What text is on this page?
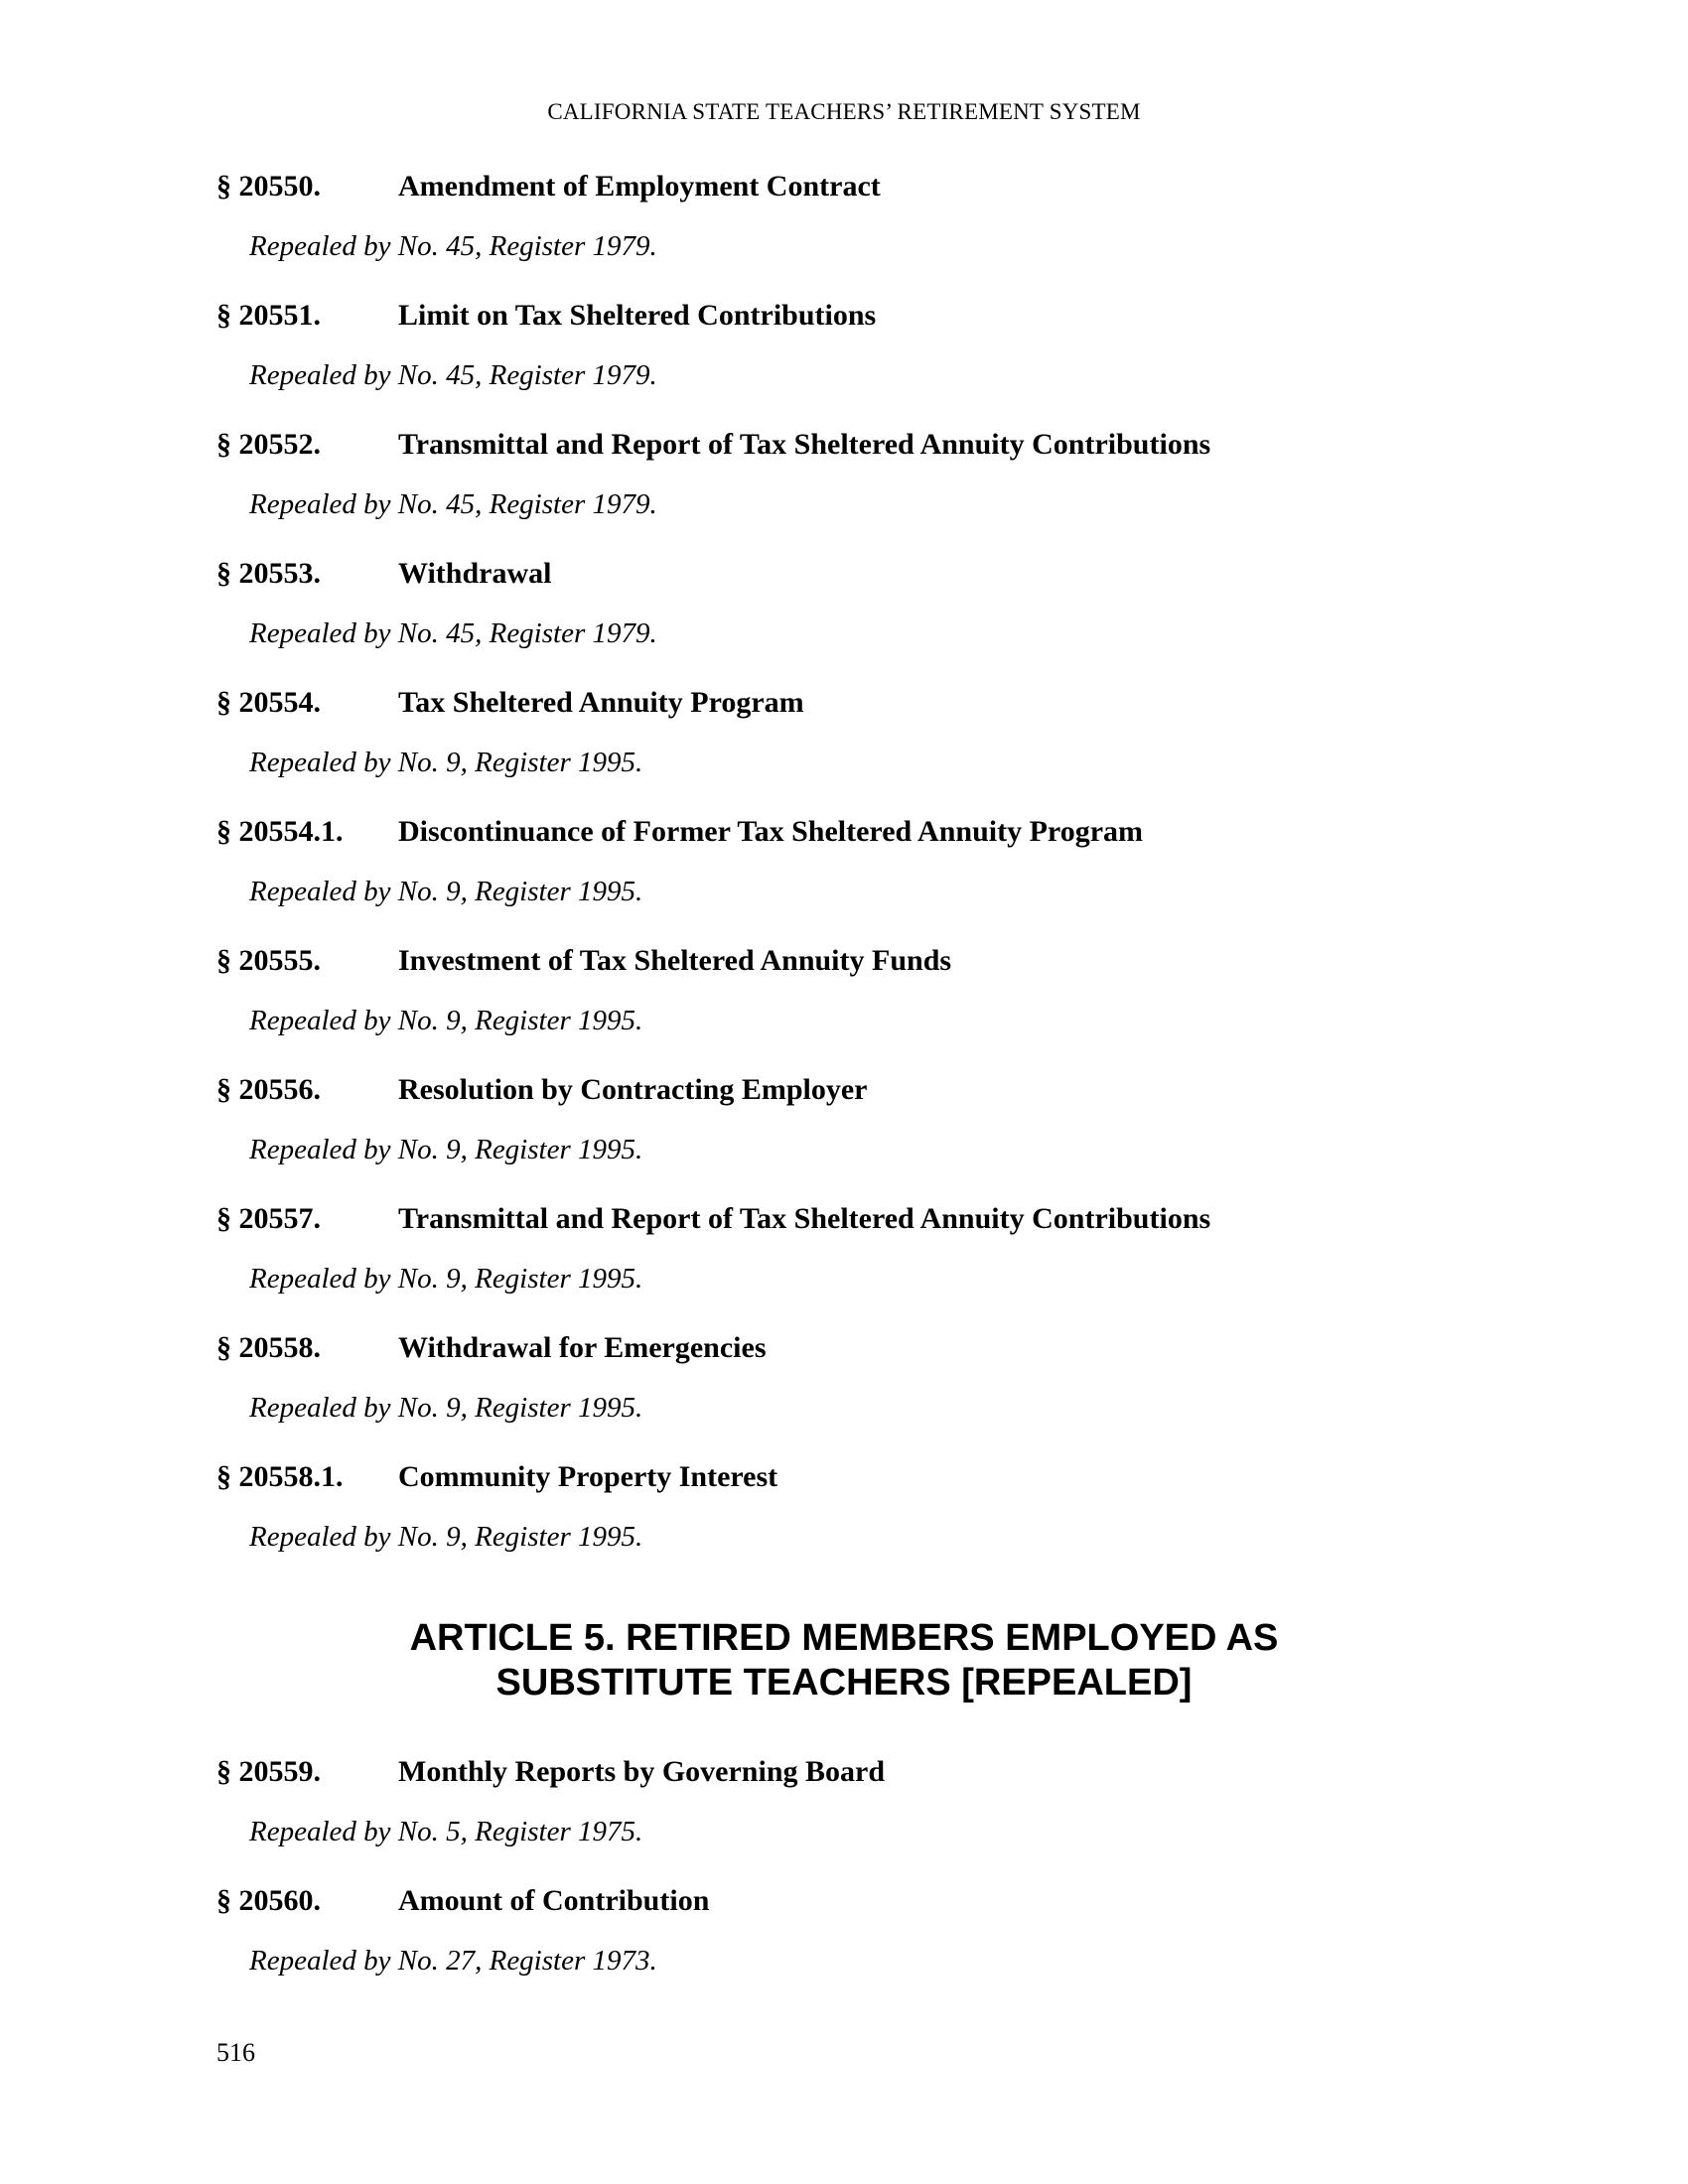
CALIFORNIA STATE TEACHERS’ RETIREMENT SYSTEM
§ 20550.	Amendment of Employment Contract
Repealed by No. 45, Register 1979.
§ 20551.	Limit on Tax Sheltered Contributions
Repealed by No. 45, Register 1979.
§ 20552.	Transmittal and Report of Tax Sheltered Annuity Contributions
Repealed by No. 45, Register 1979.
§ 20553.	Withdrawal
Repealed by No. 45, Register 1979.
§ 20554.	Tax Sheltered Annuity Program
Repealed by No. 9, Register 1995.
§ 20554.1. Discontinuance of Former Tax Sheltered Annuity Program
Repealed by No. 9, Register 1995.
§ 20555.	Investment of Tax Sheltered Annuity Funds
Repealed by No. 9, Register 1995.
§ 20556.	Resolution by Contracting Employer
Repealed by No. 9, Register 1995.
§ 20557.	Transmittal and Report of Tax Sheltered Annuity Contributions
Repealed by No. 9, Register 1995.
§ 20558.	Withdrawal for Emergencies
Repealed by No. 9, Register 1995.
§ 20558.1. Community Property Interest
Repealed by No. 9, Register 1995.
ARTICLE 5. RETIRED MEMBERS EMPLOYED AS
SUBSTITUTE TEACHERS [REPEALED]
§ 20559.	Monthly Reports by Governing Board
Repealed by No. 5, Register 1975.
§ 20560.	Amount of Contribution
Repealed by No. 27, Register 1973.
516
